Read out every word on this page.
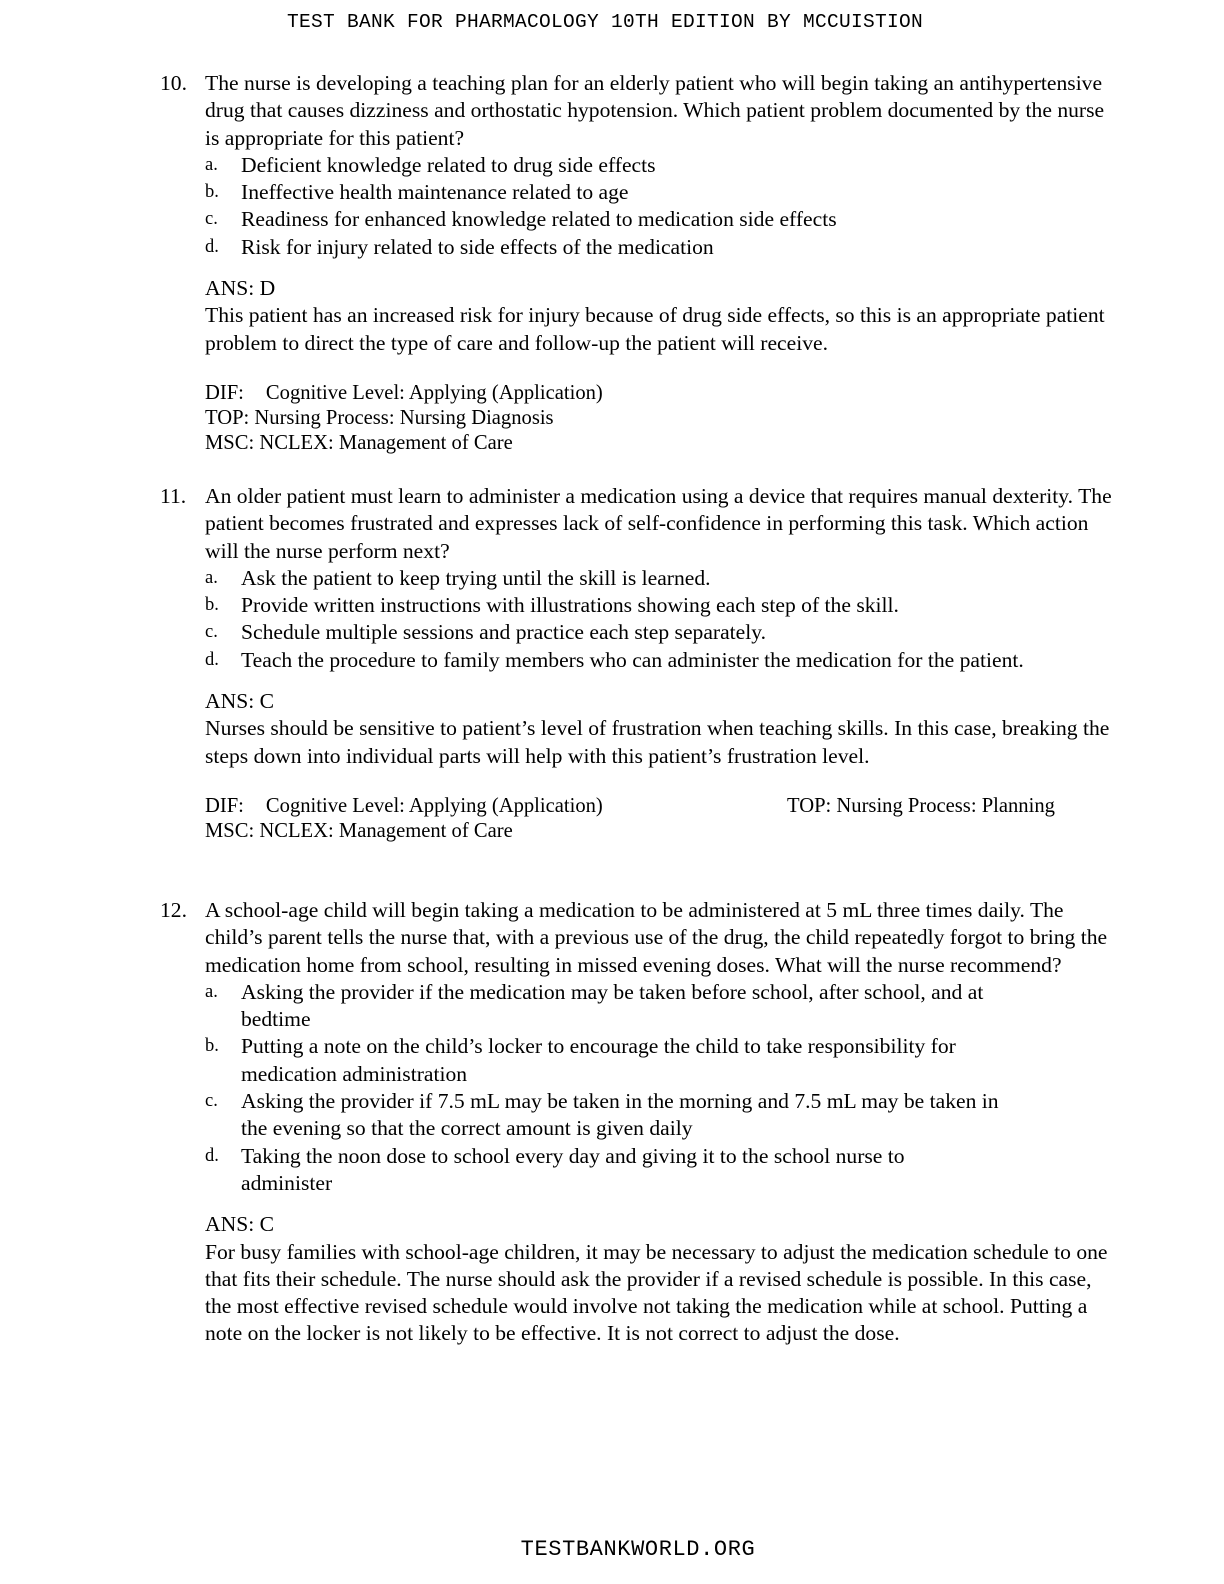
TEST BANK FOR PHARMACOLOGY 10TH EDITION BY MCCUISTION
10. The nurse is developing a teaching plan for an elderly patient who will begin taking an antihypertensive drug that causes dizziness and orthostatic hypotension. Which patient problem documented by the nurse is appropriate for this patient?
a. Deficient knowledge related to drug side effects
b. Ineffective health maintenance related to age
c. Readiness for enhanced knowledge related to medication side effects
d. Risk for injury related to side effects of the medication
ANS: D
This patient has an increased risk for injury because of drug side effects, so this is an appropriate patient problem to direct the type of care and follow-up the patient will receive.
DIF: Cognitive Level: Applying (Application)
TOP: Nursing Process: Nursing Diagnosis
MSC: NCLEX: Management of Care
11. An older patient must learn to administer a medication using a device that requires manual dexterity. The patient becomes frustrated and expresses lack of self-confidence in performing this task. Which action will the nurse perform next?
a. Ask the patient to keep trying until the skill is learned.
b. Provide written instructions with illustrations showing each step of the skill.
c. Schedule multiple sessions and practice each step separately.
d. Teach the procedure to family members who can administer the medication for the patient.
ANS: C
Nurses should be sensitive to patient’s level of frustration when teaching skills. In this case, breaking the steps down into individual parts will help with this patient’s frustration level.
DIF: Cognitive Level: Applying (Application)	TOP: Nursing Process: Planning
MSC: NCLEX: Management of Care
12. A school-age child will begin taking a medication to be administered at 5 mL three times daily. The child’s parent tells the nurse that, with a previous use of the drug, the child repeatedly forgot to bring the medication home from school, resulting in missed evening doses. What will the nurse recommend?
a. Asking the provider if the medication may be taken before school, after school, and at bedtime
b. Putting a note on the child’s locker to encourage the child to take responsibility for medication administration
c. Asking the provider if 7.5 mL may be taken in the morning and 7.5 mL may be taken in the evening so that the correct amount is given daily
d. Taking the noon dose to school every day and giving it to the school nurse to administer
ANS: C
For busy families with school-age children, it may be necessary to adjust the medication schedule to one that fits their schedule. The nurse should ask the provider if a revised schedule is possible. In this case, the most effective revised schedule would involve not taking the medication while at school. Putting a note on the locker is not likely to be effective. It is not correct to adjust the dose.
TESTBANKWORLD.ORG
